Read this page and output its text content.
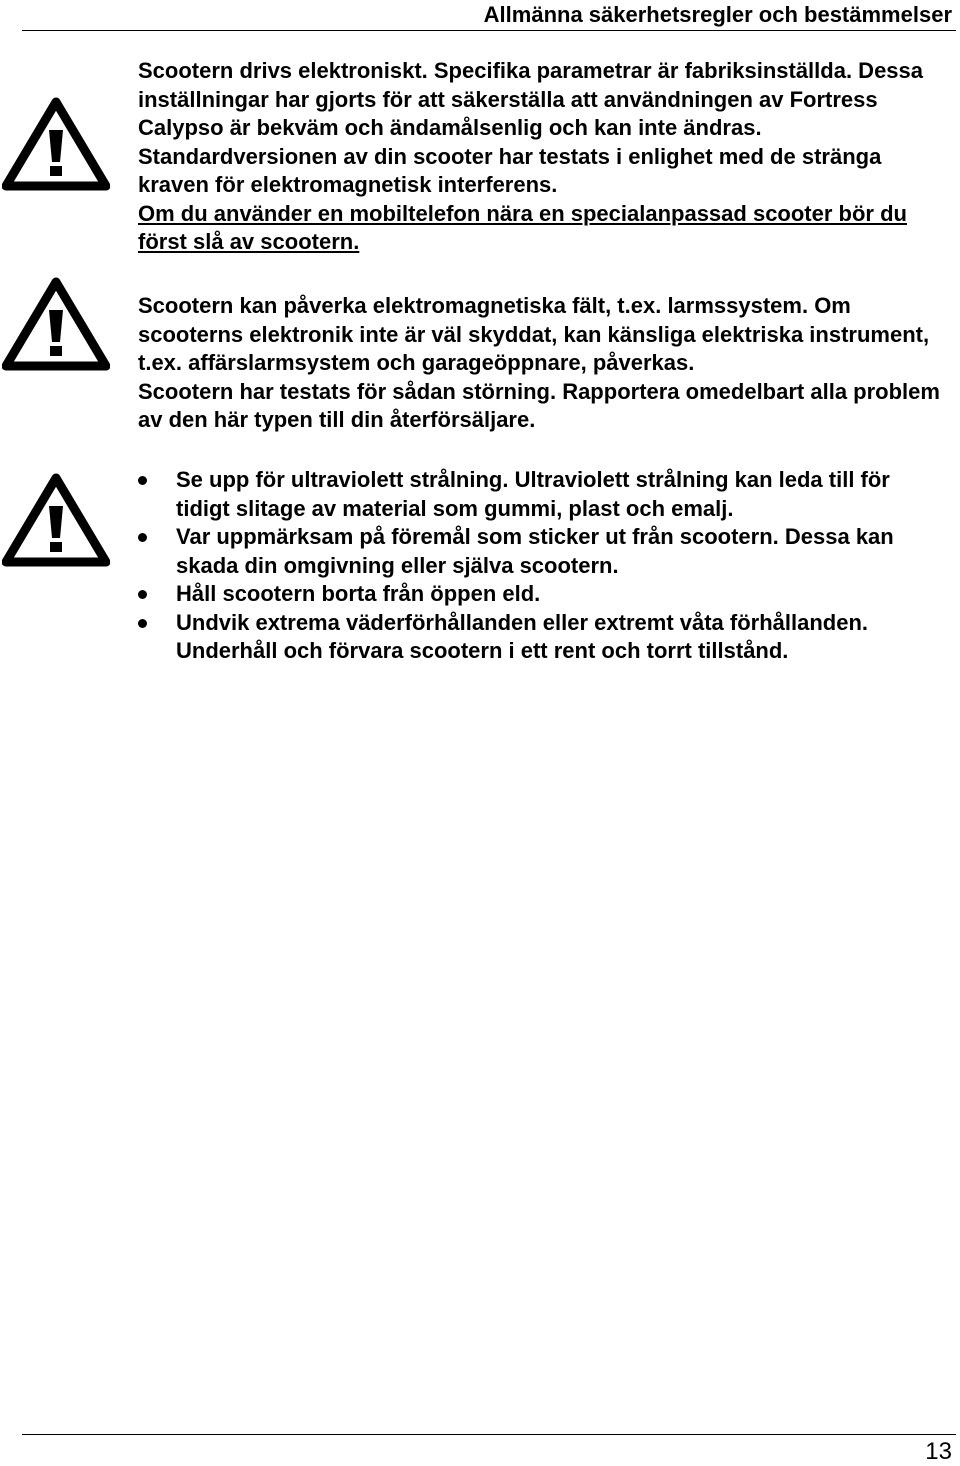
Allmänna säkerhetsregler och bestämmelser

Scootern drivs elektroniskt. Specifika parametrar är fabriksinställda. Dessa inställningar har gjorts för att säkerställa att användningen av Fortress Calypso är bekväm och ändamålsenlig och kan inte ändras.

Standardversionen av din scooter har testats i enlighet med de stränga kraven för elektromagnetisk interferens.

Om du använder en mobiltelefon nära en specialanpassad scooter bör du först slå av scootern.

Scootern kan påverka elektromagnetiska fält, t.ex. larmssystem. Om scooterns elektronik inte är väl skyddat, kan känsliga elektriska instrument, t.ex. affärslarmsystem och garageöppnare, påverkas.

Scootern har testats för sådan störning. Rapportera omedelbart alla problem av den här typen till din återförsäljare.

Se upp för ultraviolett strålning. Ultraviolett strålning kan leda till för tidigt slitage av material som gummi, plast och emalj.
Var uppmärksam på föremål som sticker ut från scootern. Dessa kan skada din omgivning eller själva scootern.
Håll scootern borta från öppen eld.
Undvik extrema väderförhållanden eller extremt våta förhållanden. Underhåll och förvara scootern i ett rent och torrt tillstånd.
13
